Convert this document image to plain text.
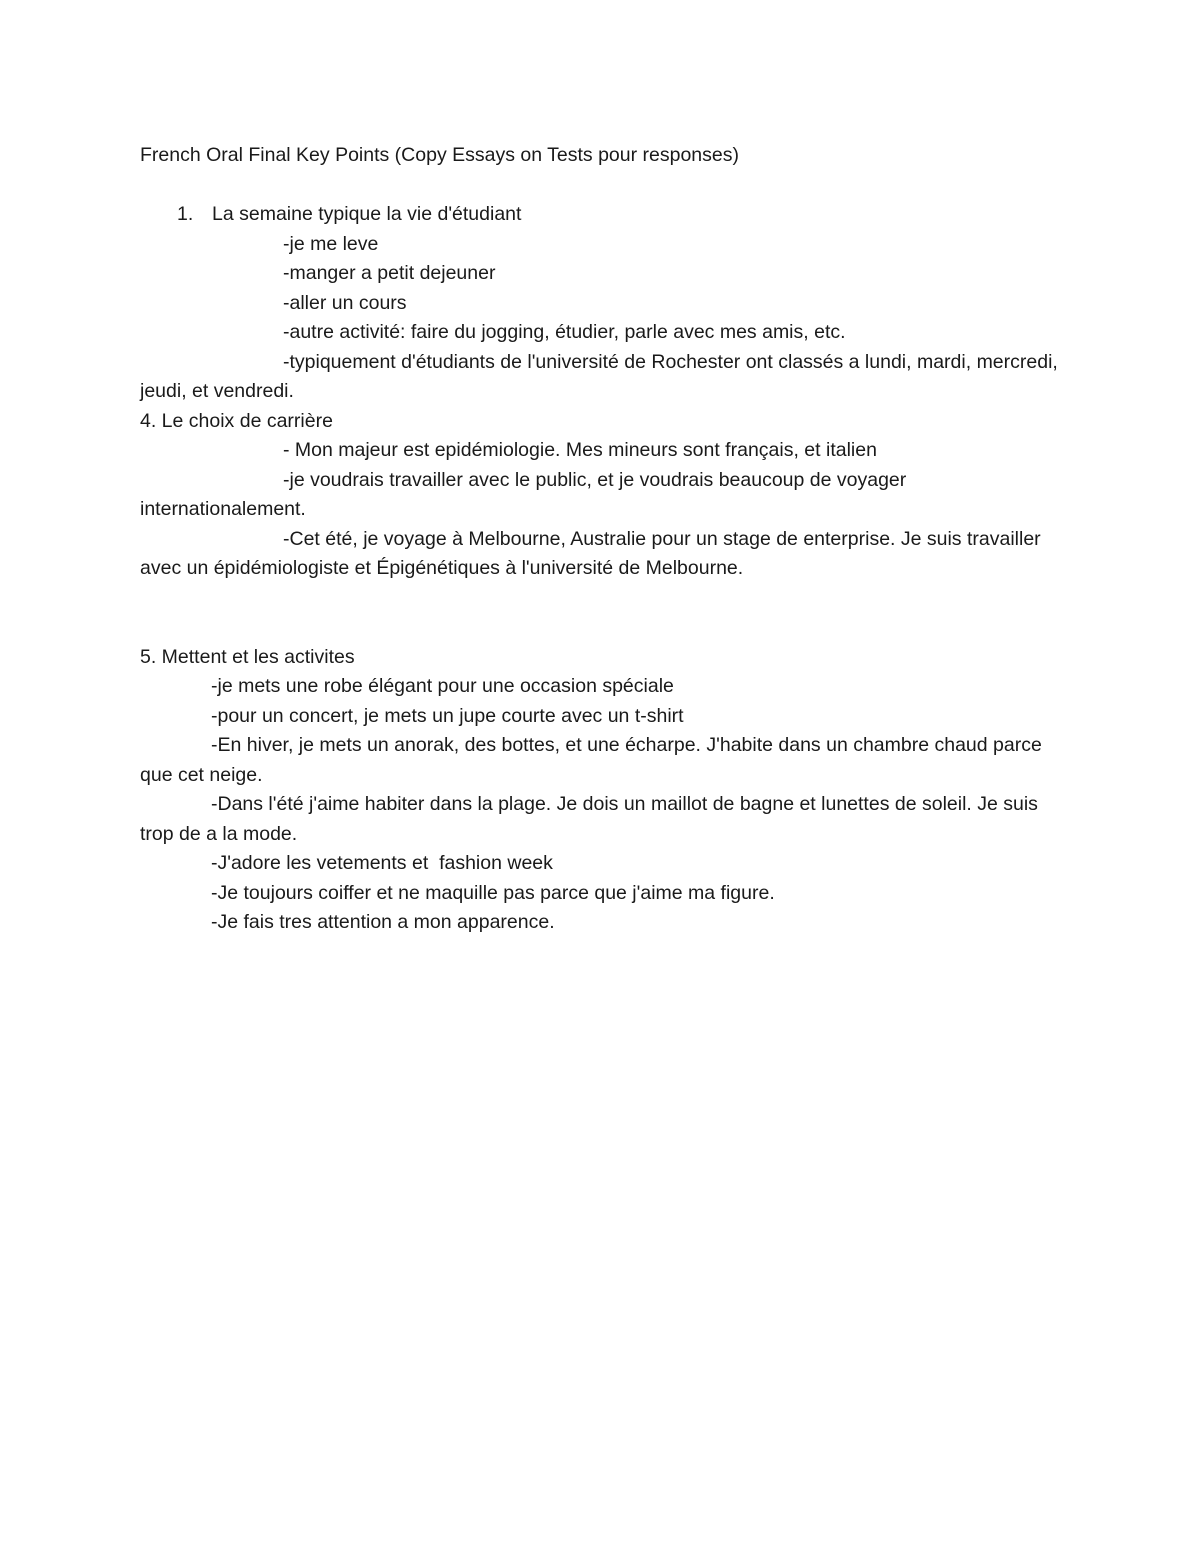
French Oral Final Key Points (Copy Essays on Tests pour responses)
1. La semaine typique la vie d'étudiant
-je me leve
-manger a petit dejeuner
-aller un cours
-autre activité: faire du jogging, étudier, parle avec mes amis, etc.
-typiquement d'étudiants de l'université de Rochester ont classés a lundi, mardi, mercredi, jeudi, et vendredi.
4. Le choix de carrière
- Mon majeur est epidémiologie. Mes mineurs sont français, et italien
-je voudrais travailler avec le public, et je voudrais beaucoup de voyager internationalement.
-Cet été, je voyage à Melbourne, Australie pour un stage de enterprise. Je suis travailler avec un épidémiologiste et Épigénétiques à l'université de Melbourne.
5. Mettent et les activites
-je mets une robe élégant pour une occasion spéciale
-pour un concert, je mets un jupe courte avec un t-shirt
-En hiver, je mets un anorak, des bottes, et une écharpe. J'habite dans un chambre chaud parce que cet neige.
-Dans l'été j'aime habiter dans la plage. Je dois un maillot de bagne et lunettes de soleil. Je suis trop de a la mode.
-J'adore les vetements et  fashion week
-Je toujours coiffer et ne maquille pas parce que j'aime ma figure.
-Je fais tres attention a mon apparence.
